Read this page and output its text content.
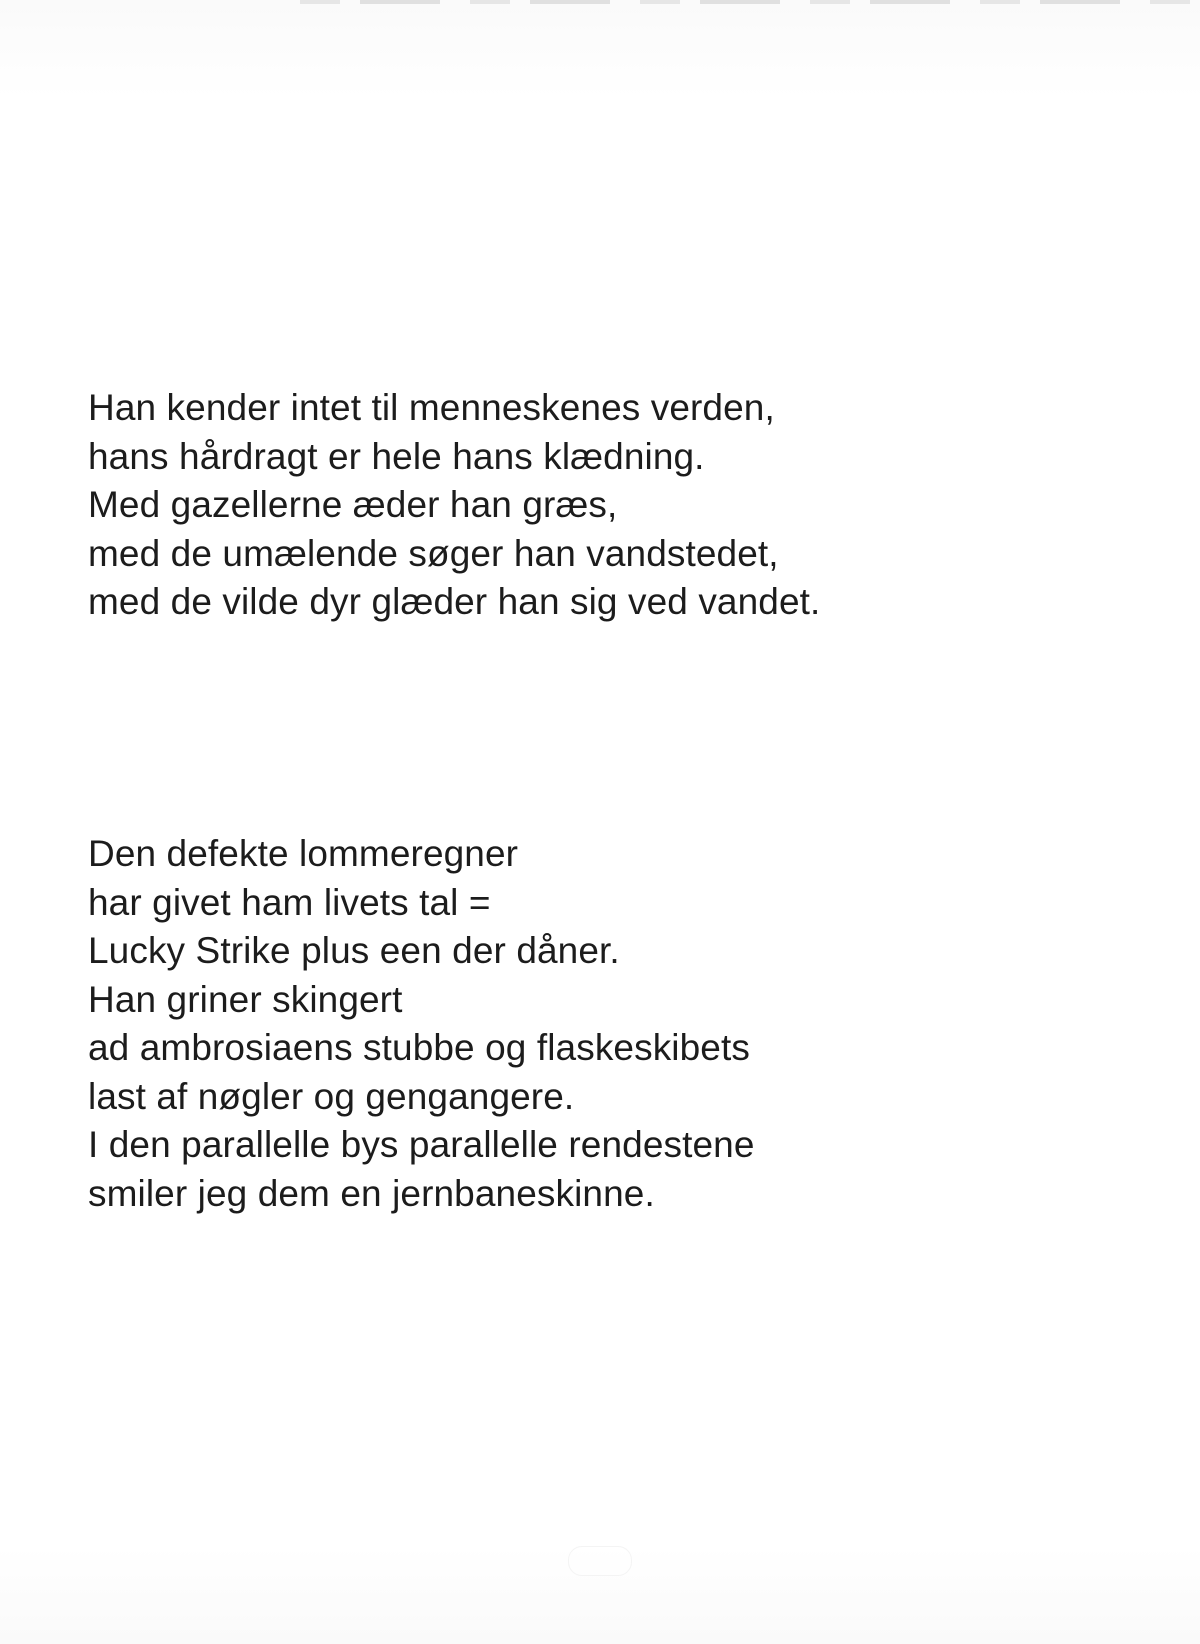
Han kender intet til menneskenes verden,
hans hårdragt er hele hans klædning.
Med gazellerne æder han græs,
med de umælende søger han vandstedet,
med de vilde dyr glæder han sig ved vandet.
Den defekte lommeregner
har givet ham livets tal =
Lucky Strike plus een der dåner.
Han griner skingert
ad ambrosiaens stubbe og flaskeskibets
last af nøgler og gengangere.
I den parallelle bys parallelle rendestene
smiler jeg dem en jernbaneskinne.
